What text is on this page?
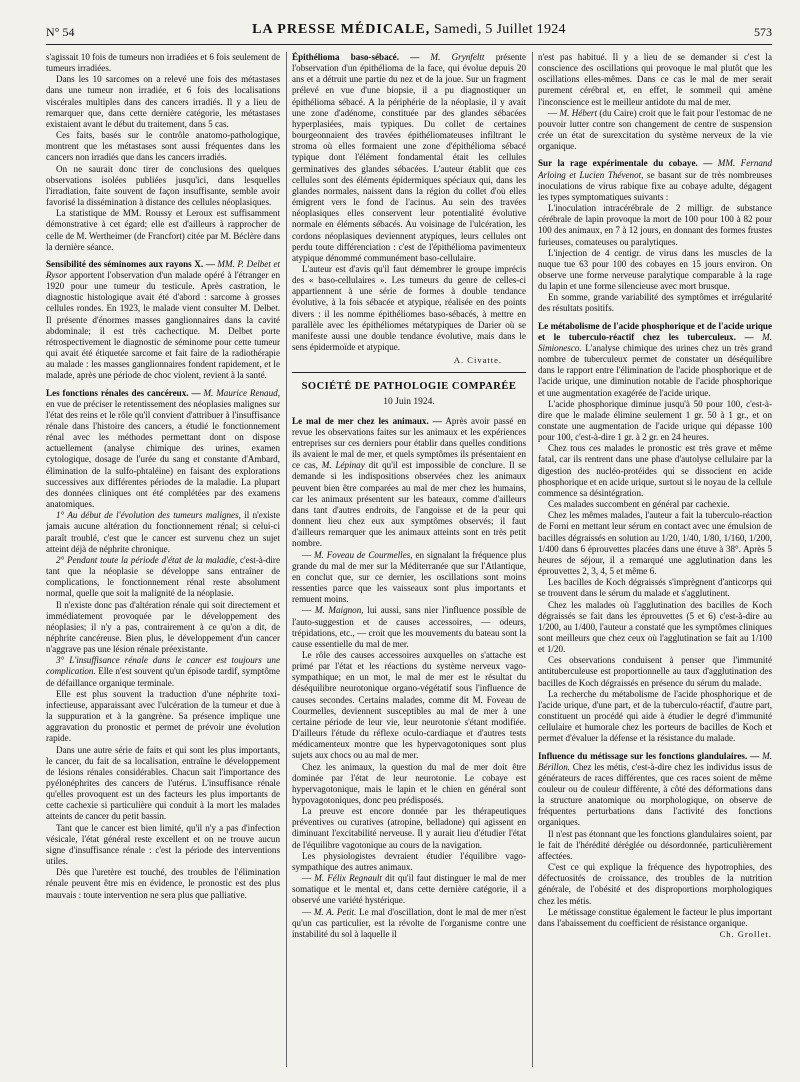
N° 54	LA PRESSE MÉDICALE, Samedi, 5 Juillet 1924	573

s'agissait 10 fois de tumeurs non irradiées et 6 fois seulement de tumeurs irradiées.

Dans les 10 sarcomes on a relevé une fois des métastases dans une tumeur non irradiée, et 6 fois des localisations viscérales multiples dans des cancers irradiés. Il y a lieu de remarquer que, dans cette dernière catégorie, les métastases existaient avant le début du traitement, dans 5 cas.

Ces faits, basés sur le contrôle anatomo-pathologique, montrent que les métastases sont aussi fréquentes dans les cancers non irradiés que dans les cancers irradiés.

On ne saurait donc tirer de conclusions des quelques observations isolées publiées jusqu'ici, dans lesquelles l'irradiation, faite souvent de façon insuffisante, semble avoir favorisé la dissémination à distance des cellules néoplasiques.

La statistique de MM. Roussy et Leroux est suffisamment démonstrative à cet égard; elle est d'ailleurs à rapprocher de celle de M. Wertheimer (de Francfort) citée par M. Béclère dans la dernière séance.

Sensibilité des séminomes aux rayons X. — MM. P. Delbet et Rysor apportent l'observation d'un malade opéré à l'étranger en 1920 pour une tumeur du testicule. Après castration, le diagnostic histologique avait été d'abord : sarcome à grosses cellules rondes. En 1923, le malade vient consulter M. Delbet. Il présente d'énormes masses ganglionnaires dans la cavité abdominale; il est très cachectique. M. Delbet porte rétrospectivement le diagnostic de séminome pour cette tumeur qui avait été étiquetée sarcome et fait faire de la radiothérapie au malade : les masses ganglionnaires fondent rapidement, et le malade, après une période de choc violent, revient à la santé.

Les fonctions rénales des cancéreux. — M. Maurice Renaud, en vue de préciser le retentissement des néoplasies malignes sur l'état des reins et le rôle qu'il convient d'attribuer à l'insuffisance rénale dans l'histoire des cancers, a étudié le fonctionnement rénal avec les méthodes permettant dont on dispose actuellement (analyse chimique des urines, examen cytologique, dosage de l'urée du sang et constante d'Ambard, élimination de la sulfo-phtaléine) en faisant des explorations successives aux différentes périodes de la maladie. La plupart des données cliniques ont été complétées par des examens anatomiques.

1° Au début de l'évolution des tumeurs malignes, il n'existe jamais aucune altération du fonctionnement rénal; si celui-ci paraît troublé, c'est que le cancer est survenu chez un sujet atteint déjà de néphrite chronique.

2° Pendant toute la période d'état de la maladie, c'est-à-dire tant que la néoplasie se développe sans entraîner de complications, le fonctionnement rénal reste absolument normal, quelle que soit la malignité de la néoplasie.

Il n'existe donc pas d'altération rénale qui soit directement et immédiatement provoquée par le développement des néoplasies; il n'y a pas, contrairement à ce qu'on a dit, de néphrite cancéreuse. Bien plus, le développement d'un cancer n'aggrave pas une lésion rénale préexistante.

3° L'insuffisance rénale dans le cancer est toujours une complication. Elle n'est souvent qu'un épisode tardif, symptôme de défaillance organique terminale.

Elle est plus souvent la traduction d'une néphrite toxi-infectieuse, apparaissant avec l'ulcération de la tumeur et due à la suppuration et à la gangrène. Sa présence implique une aggravation du pronostic et permet de prévoir une évolution rapide.

Dans une autre série de faits et qui sont les plus importants, le cancer, du fait de sa localisation, entraîne le développement de lésions rénales considérables. Chacun sait l'importance des pyélonéphrites des cancers de l'utérus. L'insuffisance rénale qu'elles provoquent est un des facteurs les plus importants de cette cachexie si particulière qui conduit à la mort les malades atteints de cancer du petit bassin.

Tant que le cancer est bien limité, qu'il n'y a pas d'infection vésicale, l'état général reste excellent et on ne trouve aucun signe d'insuffisance rénale : c'est la période des interventions utiles.

Dès que l'uretère est touché, des troubles de l'élimination rénale peuvent être mis en évidence, le pronostic est des plus mauvais : toute intervention ne sera plus que palliative.

Épithélioma baso-sébacé. — M. Grynfeltt présente l'observation d'un épithélioma de la face, qui évolue depuis 20 ans et a détruit une partie du nez et de la joue. Sur un fragment prélevé en vue d'une biopsie, il a pu diagnostiquer un épithélioma sébacé. A la périphérie de la néoplasie, il y avait une zone d'adénome, constituée par des glandes sébacées hyperplasiées, mais typiques. Du collet de certaines bourgeonnaient des travées épithéliomateuses infiltrant le stroma où elles formaient une zone d'épithélioma sébacé typique dont l'élément fondamental était les cellules germinatives des glandes sébacées. L'auteur établit que ces cellules sont des éléments épidermiques spéciaux qui, dans les glandes normales, naissent dans la région du collet d'où elles émigrent vers le fond de l'acinus. Au sein des travées néoplasiques elles conservent leur potentialité évolutive normale en éléments sébacés. Au voisinage de l'ulcération, les cordons néoplasiques deviennent atypiques, leurs cellules ont perdu toute différenciation : c'est de l'épithélioma pavimenteux atypique dénommé communément baso-cellulaire.

L'auteur est d'avis qu'il faut démembrer le groupe imprécis des « baso-cellulaires ». Les tumeurs du genre de celles-ci appartiennent à une série de formes à double tendance évolutive, à la fois sébacée et atypique, réalisée en des points divers : il les nomme épithéliomes baso-sébacés, à mettre en parallèle avec les épithéliomes métatypiques de Darier où se manifeste aussi une double tendance évolutive, mais dans le sens épidermoïde et atypique.

A. Civatte.
SOCIÉTÉ DE PATHOLOGIE COMPARÉE
10 Juin 1924.

Le mal de mer chez les animaux. — Après avoir passé en revue les observations faites sur les animaux et les expériences entreprises sur ces derniers pour établir dans quelles conditions ils avaient le mal de mer, et quels symptômes ils présentaient en ce cas, M. Lépinay dit qu'il est impossible de conclure. Il se demande si les indispositions observées chez les animaux peuvent bien être comparées au mal de mer chez les humains, car les animaux présentent sur les bateaux, comme d'ailleurs dans tant d'autres endroits, de l'angoisse et de la peur qui donnent lieu chez eux aux symptômes observés; il faut d'ailleurs remarquer que les animaux atteints sont en très petit nombre.

— M. Foveau de Courmelles, en signalant la fréquence plus grande du mal de mer sur la Méditerranée que sur l'Atlantique, en conclut que, sur ce dernier, les oscillations sont moins ressenties parce que les vaisseaux sont plus importants et remuent moins.

— M. Maignon, lui aussi, sans nier l'influence possible de l'auto-suggestion et de causes accessoires, — odeurs, trépidations, etc., — croit que les mouvements du bateau sont la cause essentielle du mal de mer.

Le rôle des causes accessoires auxquelles on s'attache est primé par l'état et les réactions du système nerveux vago-sympathique; en un mot, le mal de mer est le résultat du déséquilibre neurotonique organo-végétatif sous l'influence de causes secondes. Certains malades, comme dit M. Foveau de Courmelles, deviennent susceptibles au mal de mer à une certaine période de leur vie, leur neurotonie s'étant modifiée. D'ailleurs l'étude du réflexe oculo-cardiaque et d'autres tests médicamenteux montre que les hypervagotoniques sont plus sujets aux chocs ou au mal de mer.

Chez les animaux, la question du mal de mer doit être dominée par l'état de leur neurotonie. Le cobaye est hypervagotonique, mais le lapin et le chien en général sont hypovagotoniques, donc peu prédisposés.

La preuve est encore donnée par les thérapeutiques préventives ou curatives (atropine, belladone) qui agissent en diminuant l'excitabilité nerveuse. Il y aurait lieu d'étudier l'état de l'équilibre vagotonique au cours de la navigation.

Les physiologistes devraient étudier l'équilibre vago-sympathique des autres animaux.

— M. Félix Regnault dit qu'il faut distinguer le mal de mer somatique et le mental et, dans cette dernière catégorie, il a observé une variété hystérique.

— M. A. Petit. Le mal d'oscillation, dont le mal de mer n'est qu'un cas particulier, est la révolte de l'organisme contre une instabilité du sol à laquelle il

n'est pas habitué. Il y a lieu de se demander si c'est la conscience des oscillations qui provoque le mal plutôt que les oscillations elles-mêmes. Dans ce cas le mal de mer serait purement cérébral et, en effet, le sommeil qui amène l'inconscience est le meilleur antidote du mal de mer.

— M. Hébert (du Caire) croit que le fait pour l'estomac de ne pouvoir lutter contre son changement de centre de suspension crée un état de surexcitation du système nerveux de la vie organique.

Sur la rage expérimentale du cobaye. — MM. Fernand Arloing et Lucien Thévenot, se basant sur de très nombreuses inoculations de virus rabique fixe au cobaye adulte, dégagent les types symptomatiques suivants :

L'inoculation intracérébrale de 2 milligr. de substance cérébrale de lapin provoque la mort de 100 pour 100 à 82 pour 100 des animaux, en 7 à 12 jours, en donnant des formes frustes furieuses, comateuses ou paralytiques.

L'injection de 4 centigr. de virus dans les muscles de la nuque tue 63 pour 100 des cobayes en 15 jours environ. On observe une forme nerveuse paralytique comparable à la rage du lapin et une forme silencieuse avec mort brusque.

En somme, grande variabilité des symptômes et irrégularité des résultats positifs.

Le métabolisme de l'acide phosphorique et de l'acide urique et le tuberculo-réactif chez les tuberculeux. — M. Simionesco. L'analyse chimique des urines chez un très grand nombre de tuberculeux permet de constater un déséquilibre dans le rapport entre l'élimination de l'acide phosphorique et de l'acide urique, une diminution notable de l'acide phosphorique et une augmentation exagérée de l'acide urique.

L'acide phosphorique diminue jusqu'à 50 pour 100, c'est-à-dire que le malade élimine seulement 1 gr. 50 à 1 gr., et on constate une augmentation de l'acide urique qui dépasse 100 pour 100, c'est-à-dire 1 gr. à 2 gr. en 24 heures.

Chez tous ces malades le pronostic est très grave et même fatal, car ils rentrent dans une phase d'autolyse cellulaire par la digestion des nucléo-protéides qui se dissocient en acide phosphorique et en acide urique, surtout si le noyau de la cellule commence sa désintégration.

Ces malades succombent en général par cachexie.

Chez les mêmes malades, l'auteur a fait la tuberculo-réaction de Forni en mettant leur sérum en contact avec une émulsion de bacilles dégraissés en solution au 1/20, 1/40, 1/80, 1/160, 1/200, 1/400 dans 6 éprouvettes placées dans une étuve à 38°. Après 5 heures de séjour, il a remarqué une agglutination dans les éprouvettes 2, 3, 4, 5 et même 6.

Les bacilles de Koch dégraissés s'imprègnent d'anticorps qui se trouvent dans le sérum du malade et s'agglutinent.

Chez les malades où l'agglutination des bacilles de Koch dégraissés se fait dans les éprouvettes (5 et 6) c'est-à-dire au 1/200, au 1/400, l'auteur a constaté que les symptômes cliniques sont meilleurs que chez ceux où l'agglutination se fait au 1/100 et 1/20.

Ces observations conduisent à penser que l'immunité antituberculeuse est proportionnelle au taux d'agglutination des bacilles de Koch dégraissés en présence du sérum du malade.

La recherche du métabolisme de l'acide phosphorique et de l'acide urique, d'une part, et de la tuberculo-réactif, d'autre part, constituent un procédé qui aide à étudier le degré d'immunité cellulaire et humorale chez les porteurs de bacilles de Koch et permet d'évaluer la défense et la résistance du malade.

Influence du métissage sur les fonctions glandulaires. — M. Bérillon. Chez les métis, c'est-à-dire chez les individus issus de générateurs de races différentes, que ces races soient de même couleur ou de couleur différente, à côté des déformations dans la structure anatomique ou morphologique, on observe de fréquentes perturbations dans l'activité des fonctions organiques.

Il n'est pas étonnant que les fonctions glandulaires soient, par le fait de l'hérédité déréglée ou désordonnée, particulièrement affectées.

C'est ce qui explique la fréquence des hypotrophies, des défectuosités de croissance, des troubles de la nutrition générale, de l'obésité et des disproportions morphologiques chez les métis.

Le métissage constitue également le facteur le plus important dans l'abaissement du coefficient de résistance organique.

Ch. Grollet.
